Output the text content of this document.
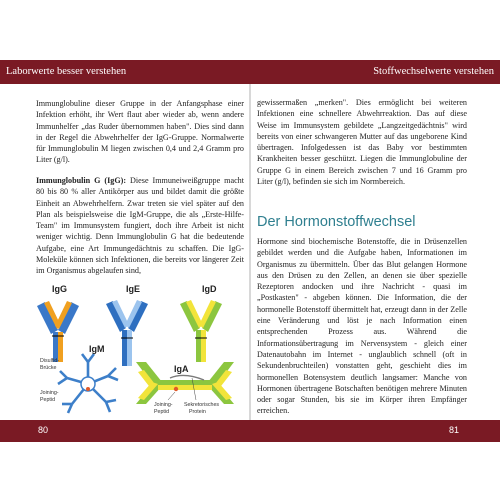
Laborwerte besser verstehen	Stoffwechselwerte verstehen

Immunglobuline dieser Gruppe in der Anfangsphase einer Infektion erhöht, ihr Wert flaut aber wieder ab, wenn andere Immunhelfer „das Ruder übernommen haben". Dies sind dann in der Regel die Abwehrhelfer der IgG-Gruppe. Normalwerte für Immunglobulin M liegen zwischen 0,4 und 2,4 Gramm pro Liter (g/l).

Immunglobulin G (IgG): Diese Immuneiweißgruppe macht 80 bis 80 % aller Antikörper aus und bildet damit die größte Einheit an Abwehrhelfern. Zwar treten sie viel später auf den Plan als beispielsweise die IgM-Gruppe, die als „Erste-Hilfe-Team" im Immunsystem fungiert, doch ihre Arbeit ist nicht weniger wichtig. Denn Immunglobulin G hat die bedeutende Aufgabe, eine Art Immungedächtnis zu schaffen. Die IgG-Moleküle können sich Infektionen, die bereits vor längerer Zeit im Organismus abgelaufen sind,

IgG	IgE	IgD
IgM
Disulfid-
Brücke
Joining-
Peptid
IgA
Joining-
Peptid
Sekretorisches
Protein

gewissermaßen „merken". Dies ermöglicht bei weiteren Infektionen eine schnellere Abwehrreaktion. Das auf diese Weise im Immunsystem gebildete „Langzeitgedächtnis" wird bereits von einer schwangeren Mutter auf das ungeborene Kind übertragen. Infolgedessen ist das Baby vor bestimmten Krankheiten besser geschützt. Liegen die Immunglobuline der Gruppe G in einem Bereich zwischen 7 und 16 Gramm pro Liter (g/l), befinden sie sich im Normbereich.

Der Hormonstoffwechsel

Hormone sind biochemische Botenstoffe, die in Drüsenzellen gebildet werden und die Aufgabe haben, Informationen im Organismus zu übermitteln. Über das Blut gelangen Hormone aus den Drüsen zu den Zellen, an denen sie über spezielle Rezeptoren andocken und ihre Nachricht - quasi im „Postkasten" - abgeben können. Die Information, die der hormonelle Botenstoff übermittelt hat, erzeugt dann in der Zelle eine Veränderung und löst je nach Information einen entsprechenden Prozess aus. Während die Informationsübertragung im Nervensystem - gleich einer Datenautobahn im Internet - unglaublich schnell (oft in Sekundenbruchteilen) vonstatten geht, geschieht dies im hormonellen Botensystem deutlich langsamer: Manche von Hormonen übertragene Botschaften benötigen mehrere Minuten oder sogar Stunden, bis sie im Körper ihren Empfänger erreichen.

80	81
